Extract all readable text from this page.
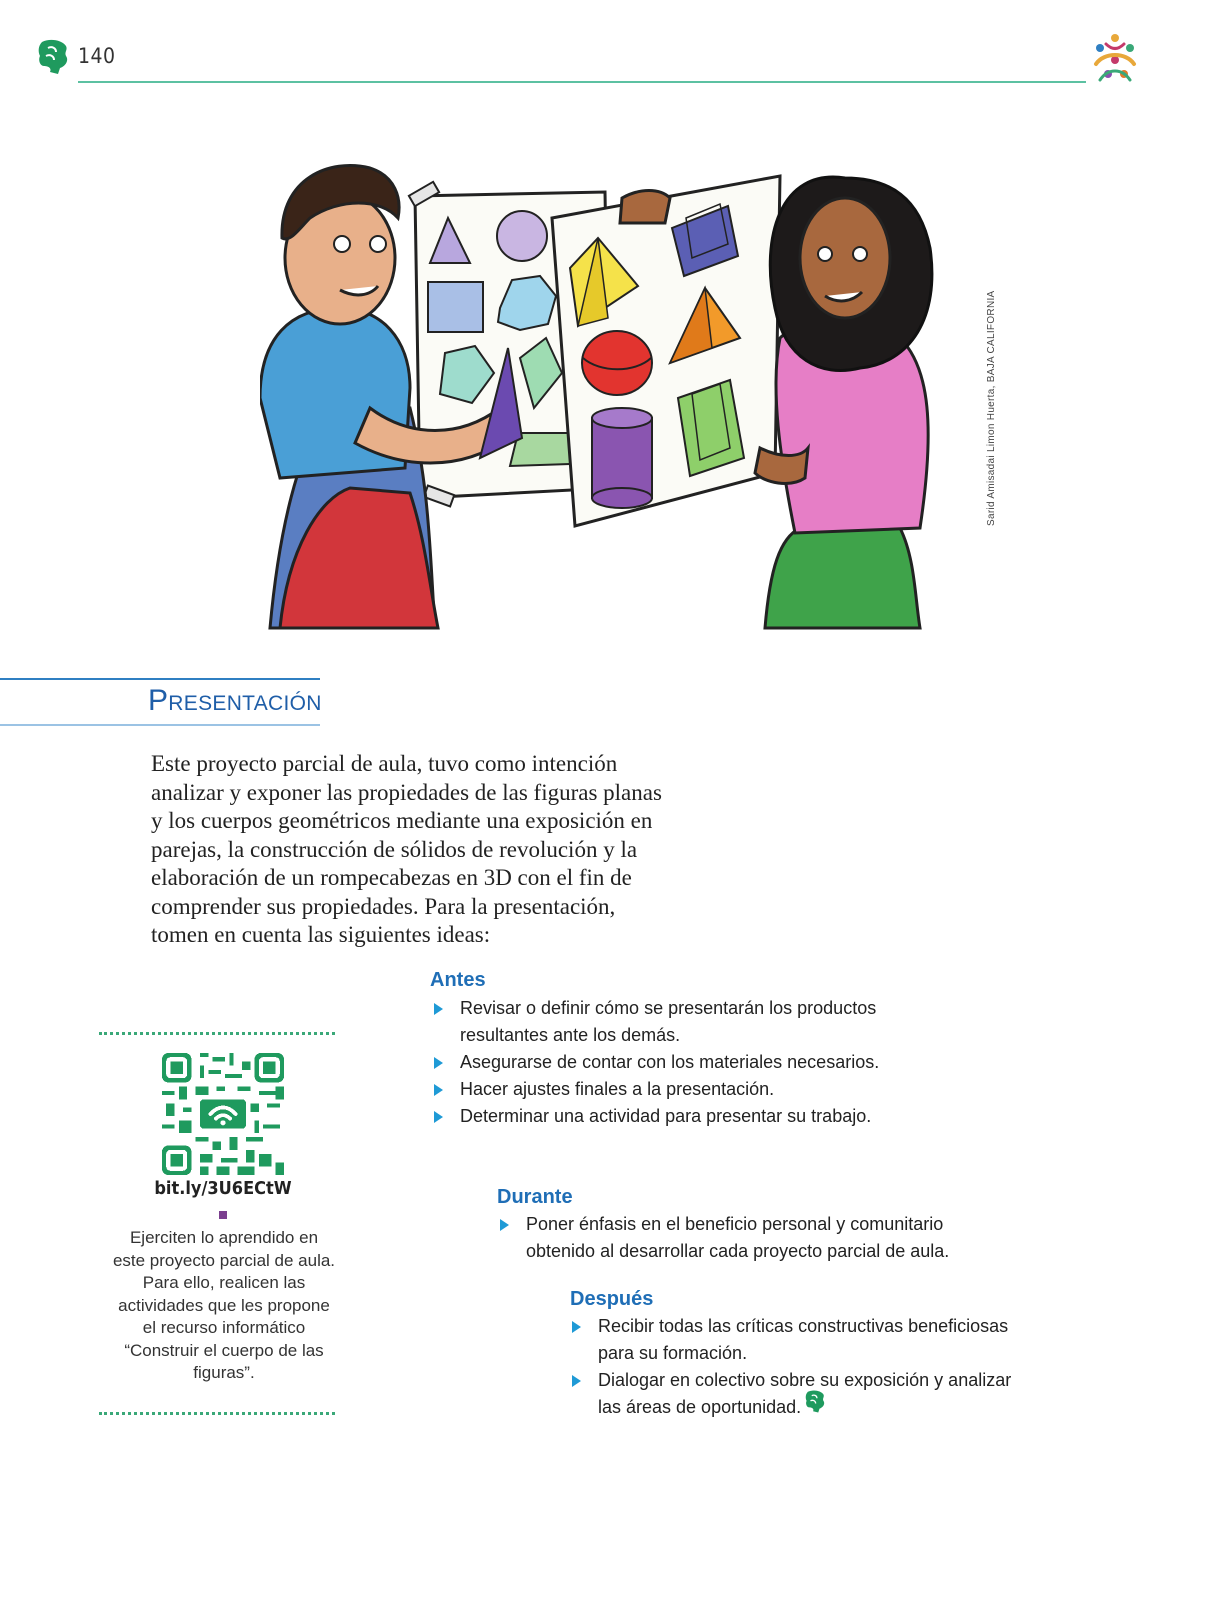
140
Sarid Amisadai Limon Huerta, BAJA CALIFORNIA
Presentación

Este proyecto parcial de aula, tuvo como intención analizar y exponer las propiedades de las figuras planas y los cuerpos geométricos mediante una exposición en parejas, la construcción de sólidos de revolución y la elaboración de un rompecabezas en 3D con el fin de comprender sus propiedades. Para la presentación, tomen en cuenta las siguientes ideas:

Antes
Revisar o definir cómo se presentarán los productos resultantes ante los demás.
Asegurarse de contar con los materiales necesarios.
Hacer ajustes finales a la presentación.
Determinar una actividad para presentar su trabajo.
Durante
Poner énfasis en el beneficio personal y comunitario obtenido al desarrollar cada proyecto parcial de aula.
Después
Recibir todas las críticas constructivas beneficiosas para su formación.
Dialogar en colectivo sobre su exposición y analizar las áreas de oportunidad.
bit.ly/3U6ECtW
Ejerciten lo aprendido en este proyecto parcial de aula. Para ello, realicen las actividades que les propone el recurso informático “Construir el cuerpo de las figuras”.
